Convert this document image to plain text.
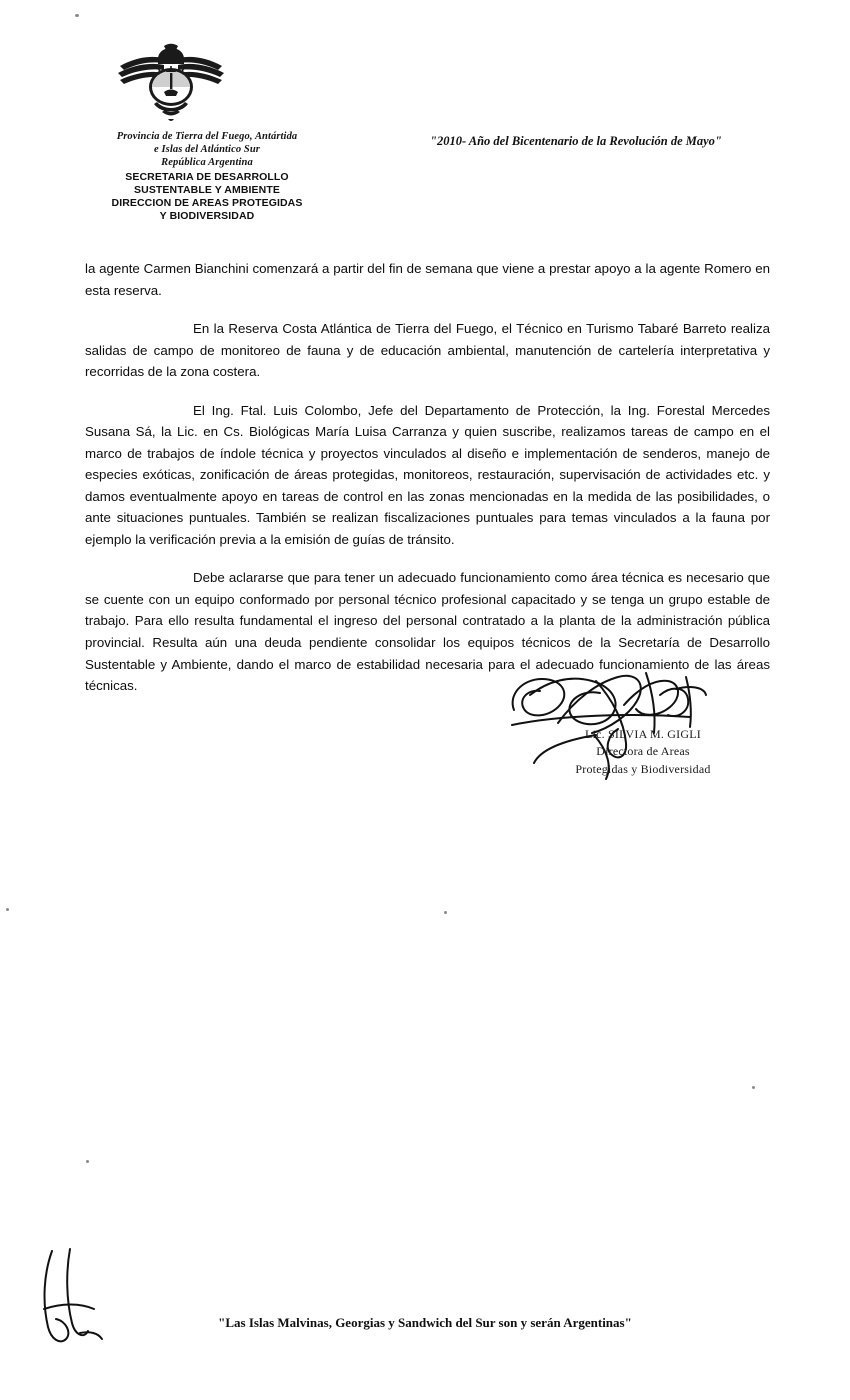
Provincia de Tierra del Fuego, Antártida
e Islas del Atlántico Sur
República Argentina
SECRETARIA DE DESARROLLO
SUSTENTABLE Y AMBIENTE
DIRECCION DE AREAS PROTEGIDAS
Y BIODIVERSIDAD
"2010- Año del Bicentenario de la Revolución de Mayo"

la agente Carmen Bianchini comenzará a partir del fin de semana que viene a prestar apoyo a la agente Romero en esta reserva.

En la Reserva Costa Atlántica de Tierra del Fuego, el Técnico en Turismo Tabaré Barreto realiza salidas de campo de monitoreo de fauna y de educación ambiental, manutención de cartelería interpretativa y recorridas de la zona costera.

El Ing. Ftal. Luis Colombo, Jefe del Departamento de Protección, la Ing. Forestal Mercedes Susana Sá, la Lic. en Cs. Biológicas María Luisa Carranza y quien suscribe, realizamos tareas de campo en el marco de trabajos de índole técnica y proyectos vinculados al diseño e implementación de senderos, manejo de especies exóticas, zonificación de áreas protegidas, monitoreos, restauración, supervisación de actividades etc. y damos eventualmente apoyo en tareas de control en las zonas mencionadas en la medida de las posibilidades, o ante situaciones puntuales. También se realizan fiscalizaciones puntuales para temas vinculados a la fauna por ejemplo la verificación previa a la emisión de guías de tránsito.

Debe aclararse que para tener un adecuado funcionamiento como área técnica es necesario que se cuente con un equipo conformado por personal técnico profesional capacitado y se tenga un grupo estable de trabajo. Para ello resulta fundamental el ingreso del personal contratado a la planta de la administración pública provincial. Resulta aún una deuda pendiente consolidar los equipos técnicos de la Secretaría de Desarrollo Sustentable y Ambiente, dando el marco de estabilidad necesaria para el adecuado funcionamiento de las áreas técnicas.

Lic. SILVIA M. GIGLI
Directora de Areas
Protegidas y Biodiversidad
"Las Islas Malvinas, Georgias y Sandwich del Sur son y serán Argentinas"
